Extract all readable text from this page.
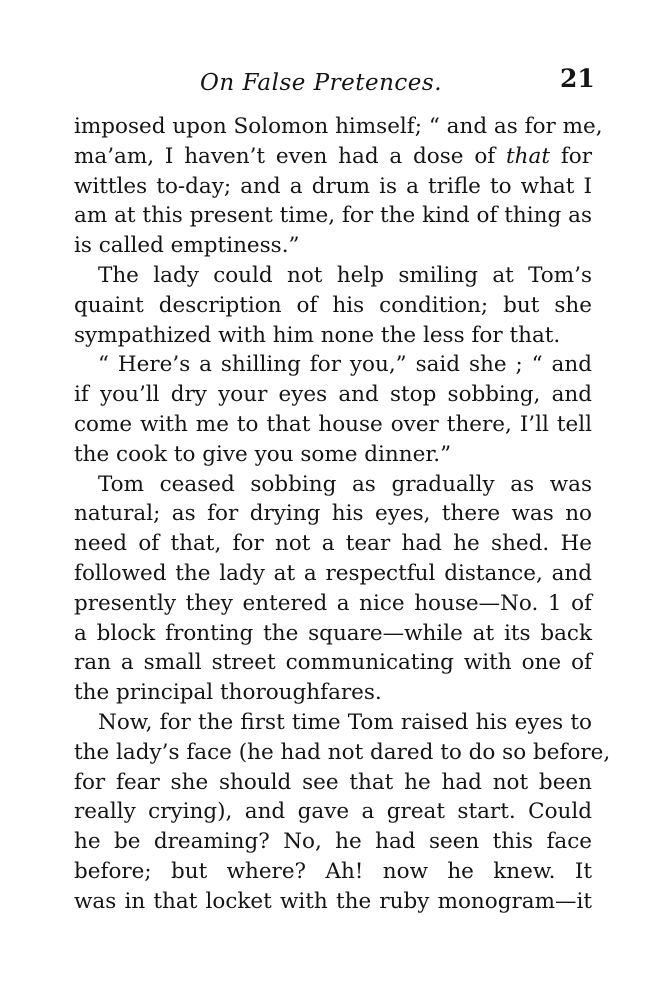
On False Pretences.	21
imposed upon Solomon himself; “ and as for me,
ma’am, I haven’t even had a dose of that for
wittles to-day; and a drum is a trifle to what I
am at this present time, for the kind of thing as
is called emptiness.”
The lady could not help smiling at Tom’s
quaint description of his condition; but she
sympathized with him none the less for that.
“ Here’s a shilling for you,” said she ; “ and
if you’ll dry your eyes and stop sobbing, and
come with me to that house over there, I’ll tell
the cook to give you some dinner.”
Tom ceased sobbing as gradually as was
natural; as for drying his eyes, there was no
need of that, for not a tear had he shed. He
followed the lady at a respectful distance, and
presently they entered a nice house—No. 1 of
a block fronting the square—while at its back
ran a small street communicating with one of
the principal thoroughfares.
Now, for the first time Tom raised his eyes to
the lady’s face (he had not dared to do so before,
for fear she should see that he had not been
really crying), and gave a great start. Could
he be dreaming? No, he had seen this face
before; but where? Ah! now he knew. It
was in that locket with the ruby monogram—it
